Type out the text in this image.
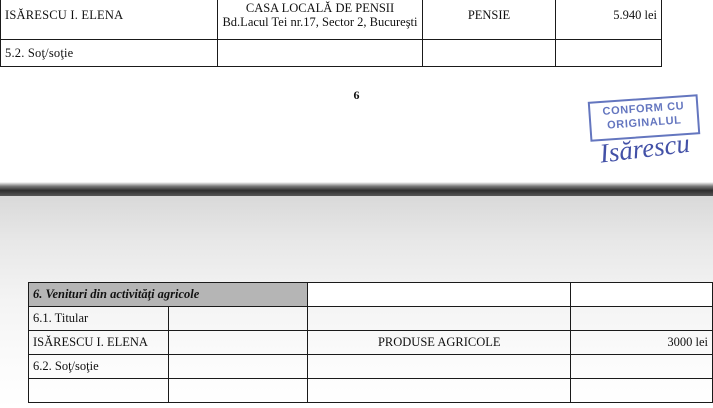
ISĂRESCU I. ELENA	CASA LOCALĂ DE PENSII Bd.Lacul Tei nr.17, Sector 2, Bucureşti	PENSIE	5.940 lei
5.2. Soţ/soţie			
6
CONFORM CU
ORIGINALUL
Isărescu
6. Venituri din activităţi agricole			
6.1. Titular			
ISĂRESCU I. ELENA		PRODUSE AGRICOLE	3000 lei
6.2. Soţ/soţie			
